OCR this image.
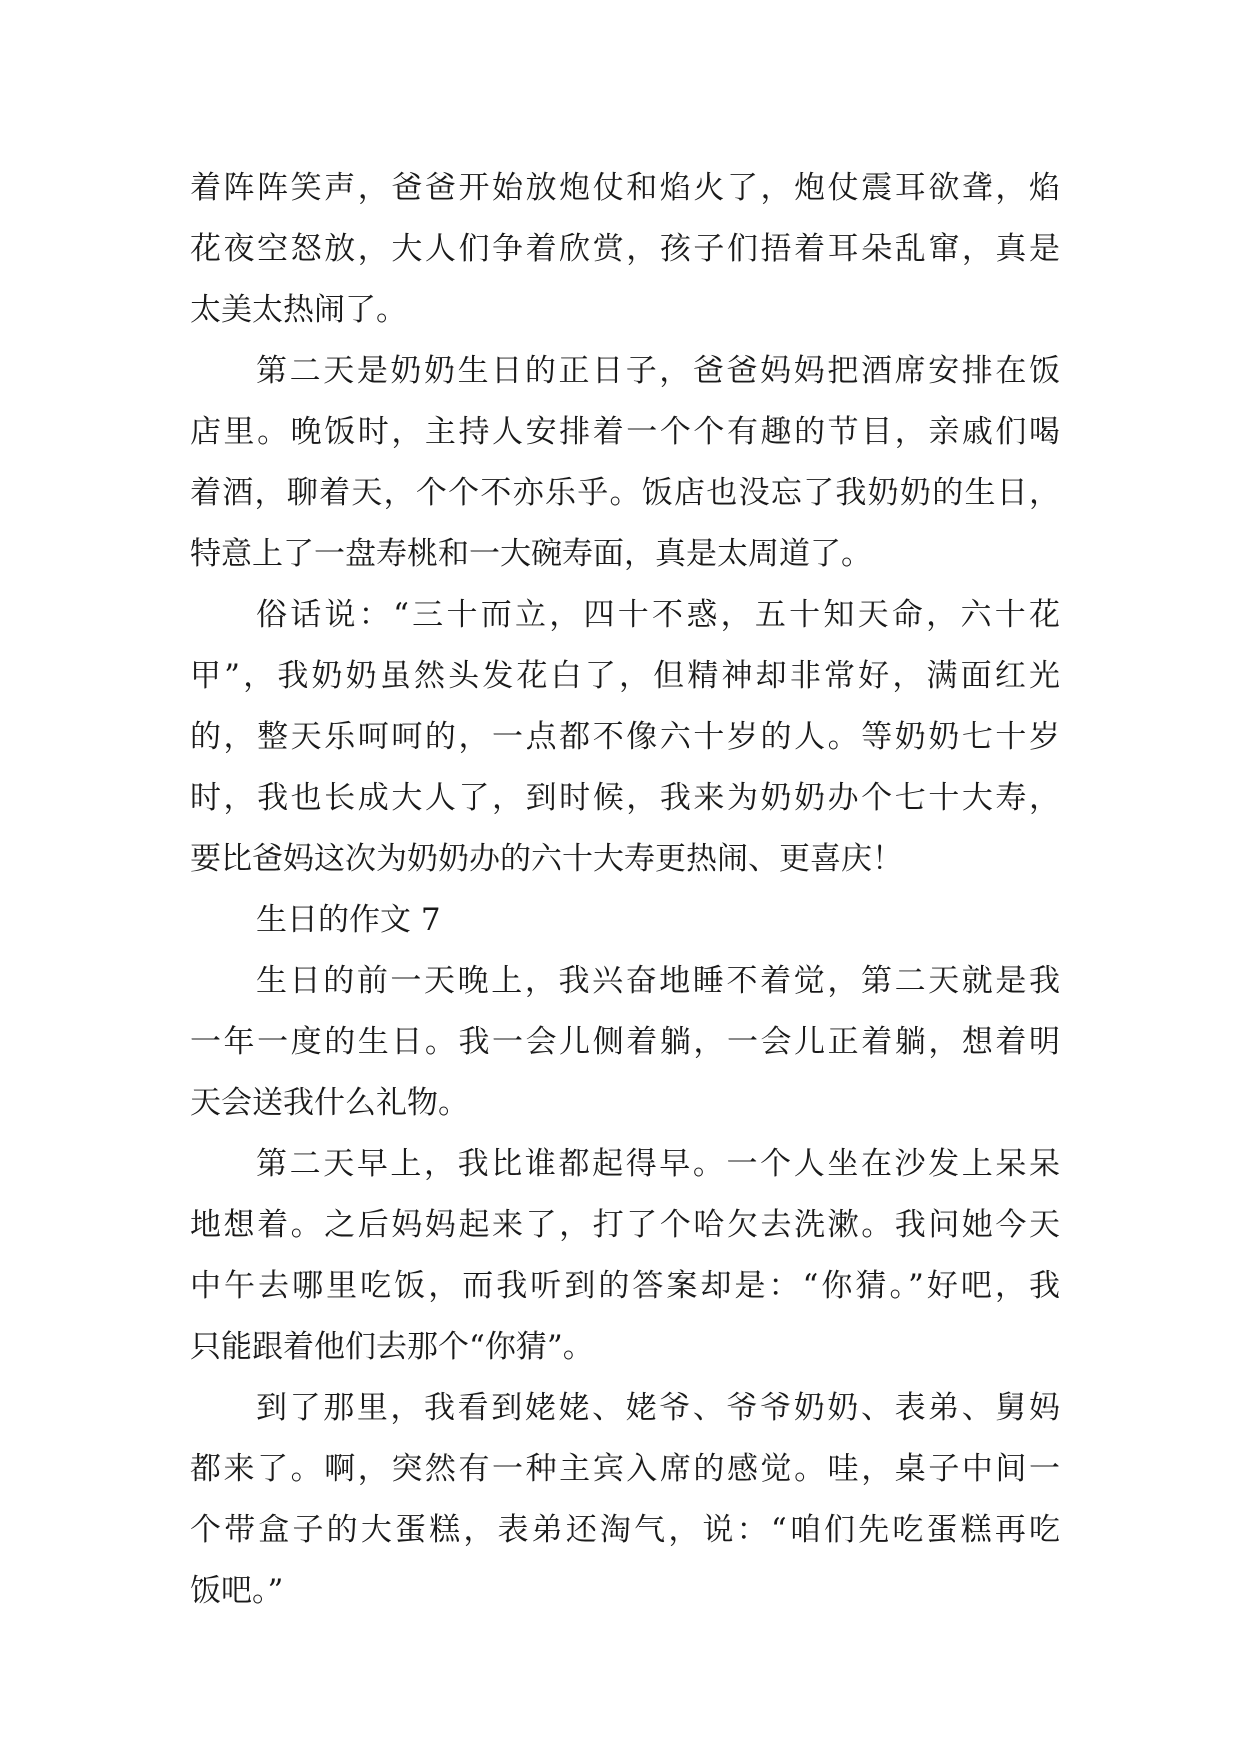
着阵阵笑声，爸爸开始放炮仗和焰火了，炮仗震耳欲聋，焰
花夜空怒放，大人们争着欣赏，孩子们捂着耳朵乱窜，真是
太美太热闹了。
第二天是奶奶生日的正日子，爸爸妈妈把酒席安排在饭
店里。晚饭时，主持人安排着一个个有趣的节目，亲戚们喝
着酒，聊着天，个个不亦乐乎。饭店也没忘了我奶奶的生日，
特意上了一盘寿桃和一大碗寿面，真是太周道了。
俗话说：“三十而立，四十不惑，五十知天命，六十花
甲”，我奶奶虽然头发花白了，但精神却非常好，满面红光
的，整天乐呵呵的，一点都不像六十岁的人。等奶奶七十岁
时，我也长成大人了，到时候，我来为奶奶办个七十大寿，
要比爸妈这次为奶奶办的六十大寿更热闹、更喜庆！
生日的作文 7
生日的前一天晚上，我兴奋地睡不着觉，第二天就是我
一年一度的生日。我一会儿侧着躺，一会儿正着躺，想着明
天会送我什么礼物。
第二天早上，我比谁都起得早。一个人坐在沙发上呆呆
地想着。之后妈妈起来了，打了个哈欠去洗漱。我问她今天
中午去哪里吃饭，而我听到的答案却是：“你猜。”好吧，我
只能跟着他们去那个“你猜”。
到了那里，我看到姥姥、姥爷、爷爷奶奶、表弟、舅妈
都来了。啊，突然有一种主宾入席的感觉。哇，桌子中间一
个带盒子的大蛋糕，表弟还淘气，说：“咱们先吃蛋糕再吃
饭吧。”
